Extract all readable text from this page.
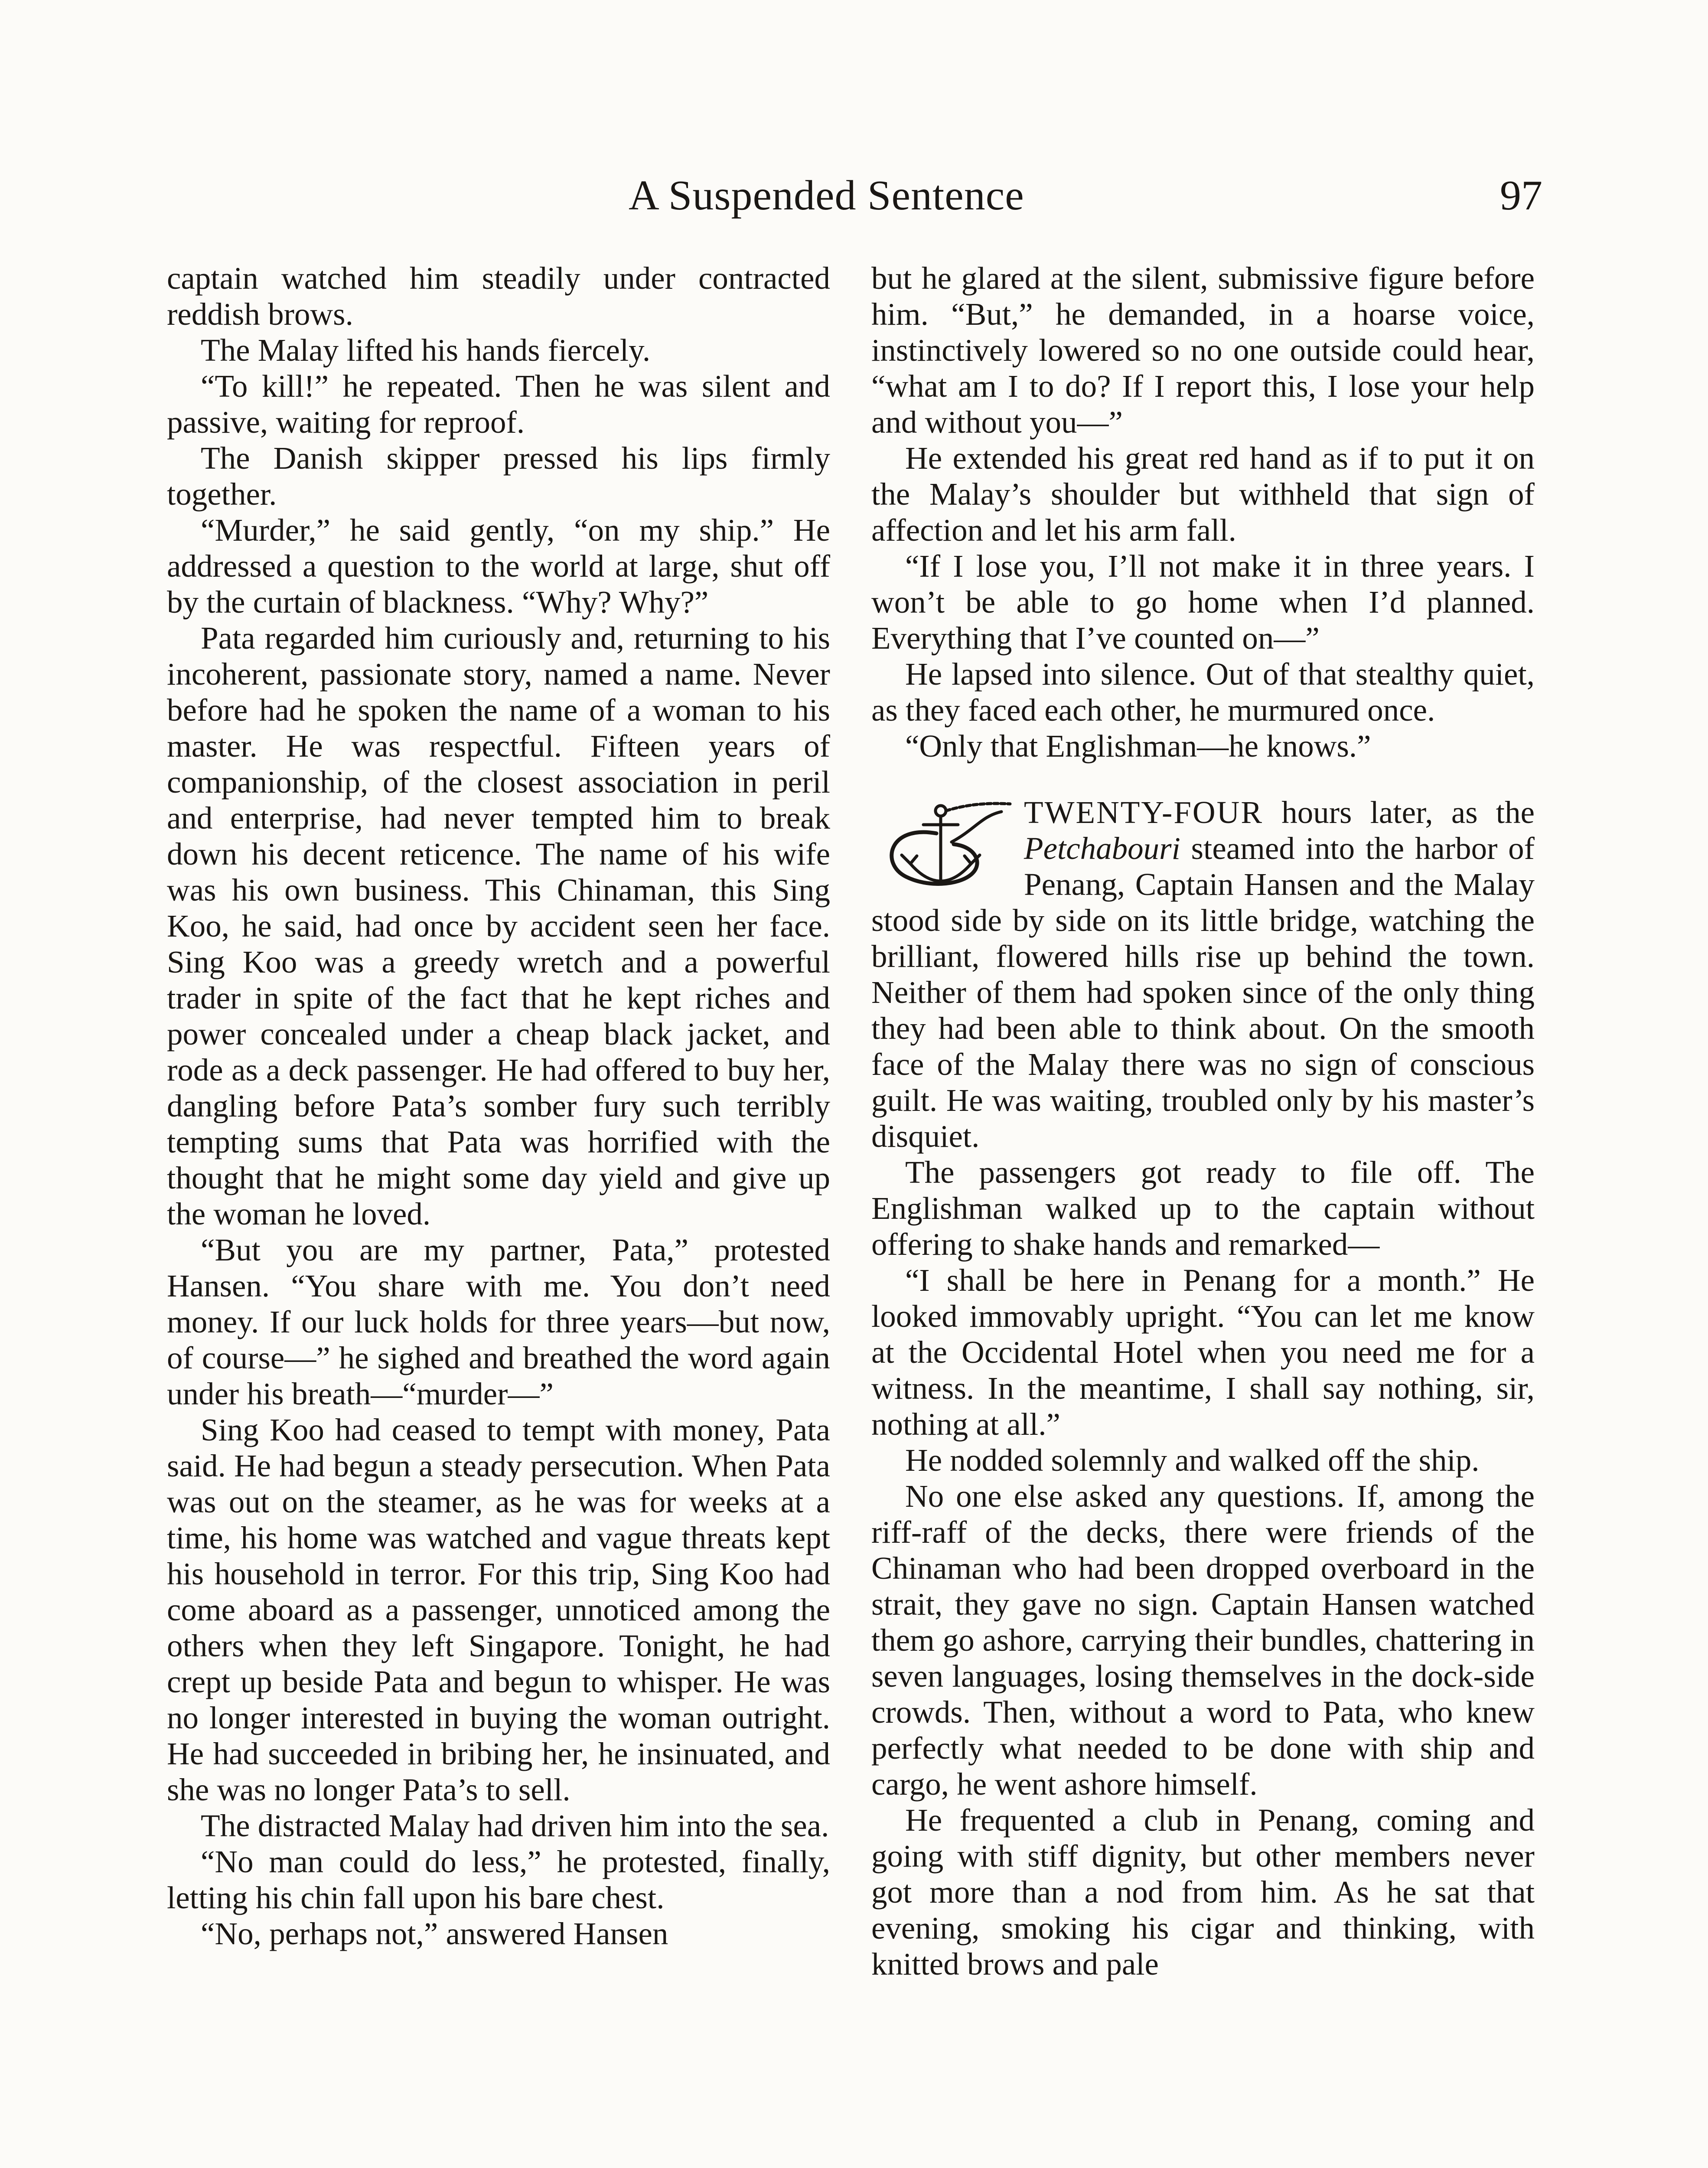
A Suspended Sentence	97

captain watched him steadily under contracted reddish brows.

The Malay lifted his hands fiercely.

“To kill!” he repeated. Then he was silent and passive, waiting for reproof.

The Danish skipper pressed his lips firmly together.

“Murder,” he said gently, “on my ship.” He addressed a question to the world at large, shut off by the curtain of blackness. “Why? Why?”

Pata regarded him curiously and, returning to his incoherent, passionate story, named a name. Never before had he spoken the name of a woman to his master. He was respectful. Fifteen years of companionship, of the closest association in peril and enterprise, had never tempted him to break down his decent reticence. The name of his wife was his own business. This Chinaman, this Sing Koo, he said, had once by accident seen her face. Sing Koo was a greedy wretch and a powerful trader in spite of the fact that he kept riches and power concealed under a cheap black jacket, and rode as a deck passenger. He had offered to buy her, dangling before Pata’s somber fury such terribly tempting sums that Pata was horrified with the thought that he might some day yield and give up the woman he loved.

“But you are my partner, Pata,” protested Hansen. “You share with me. You don’t need money. If our luck holds for three years—but now, of course—” he sighed and breathed the word again under his breath—“murder—”

Sing Koo had ceased to tempt with money, Pata said. He had begun a steady persecution. When Pata was out on the steamer, as he was for weeks at a time, his home was watched and vague threats kept his household in terror. For this trip, Sing Koo had come aboard as a passenger, unnoticed among the others when they left Singapore. Tonight, he had crept up beside Pata and begun to whisper. He was no longer interested in buying the woman outright. He had succeeded in bribing her, he insinuated, and she was no longer Pata’s to sell.

The distracted Malay had driven him into the sea.

“No man could do less,” he protested, finally, letting his chin fall upon his bare chest.

“No, perhaps not,” answered Hansen

but he glared at the silent, submissive figure before him. “But,” he demanded, in a hoarse voice, instinctively lowered so no one outside could hear, “what am I to do? If I report this, I lose your help and without you—”

He extended his great red hand as if to put it on the Malay’s shoulder but withheld that sign of affection and let his arm fall.

“If I lose you, I’ll not make it in three years. I won’t be able to go home when I’d planned. Everything that I’ve counted on—”

He lapsed into silence. Out of that stealthy quiet, as they faced each other, he murmured once.

“Only that Englishman—he knows.”

TWENTY-FOUR hours later, as the Petchabouri steamed into the harbor of Penang, Captain Hansen and the Malay stood side by side on its little bridge, watching the brilliant, flowered hills rise up behind the town. Neither of them had spoken since of the only thing they had been able to think about. On the smooth face of the Malay there was no sign of conscious guilt. He was waiting, troubled only by his master’s disquiet.

The passengers got ready to file off. The Englishman walked up to the captain without offering to shake hands and remarked—

“I shall be here in Penang for a month.” He looked immovably upright. “You can let me know at the Occidental Hotel when you need me for a witness. In the meantime, I shall say nothing, sir, nothing at all.”

He nodded solemnly and walked off the ship.

No one else asked any questions. If, among the riff-raff of the decks, there were friends of the Chinaman who had been dropped overboard in the strait, they gave no sign. Captain Hansen watched them go ashore, carrying their bundles, chattering in seven languages, losing themselves in the dock-side crowds. Then, without a word to Pata, who knew perfectly what needed to be done with ship and cargo, he went ashore himself.

He frequented a club in Penang, coming and going with stiff dignity, but other members never got more than a nod from him. As he sat that evening, smoking his cigar and thinking, with knitted brows and pale
